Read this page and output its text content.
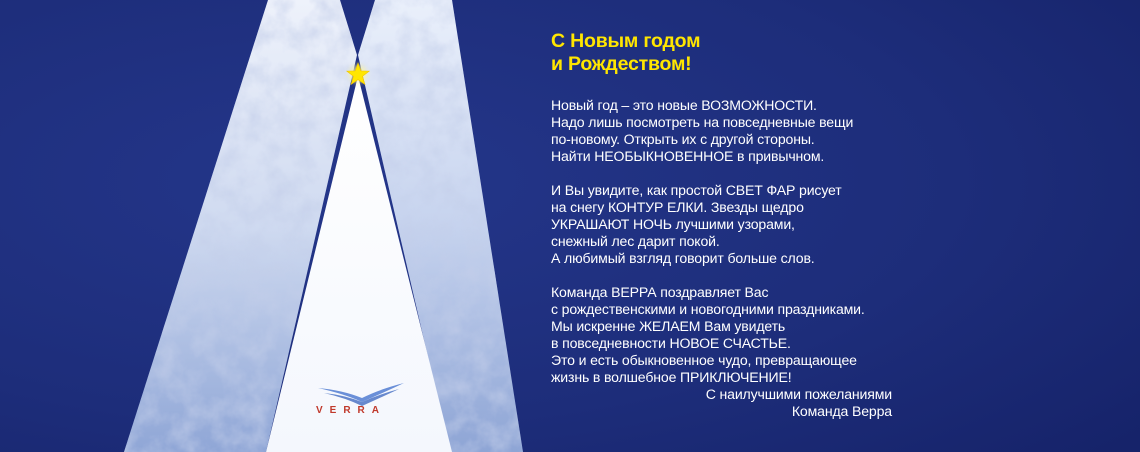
VERRA
С Новым годом
и Рождеством!
Новый год – это новые ВОЗМОЖНОСТИ.
Надо лишь посмотреть на повседневные вещи
по-новому. Открыть их с другой стороны.
Найти НЕОБЫКНОВЕННОЕ в привычном.
И Вы увидите, как простой СВЕТ ФАР рисует
на снегу КОНТУР ЕЛКИ. Звезды щедро
УКРАШАЮТ НОЧЬ лучшими узорами,
снежный лес дарит покой.
А любимый взгляд говорит больше слов.
Команда ВЕРРА поздравляет Вас
с рождественскими и новогодними праздниками.
Мы искренне ЖЕЛАЕМ Вам увидеть
в повседневности НОВОЕ СЧАСТЬЕ.
Это и есть обыкновенное чудо, превращающее
жизнь в волшебное ПРИКЛЮЧЕНИЕ!
С наилучшими пожеланиями
Команда Верра
